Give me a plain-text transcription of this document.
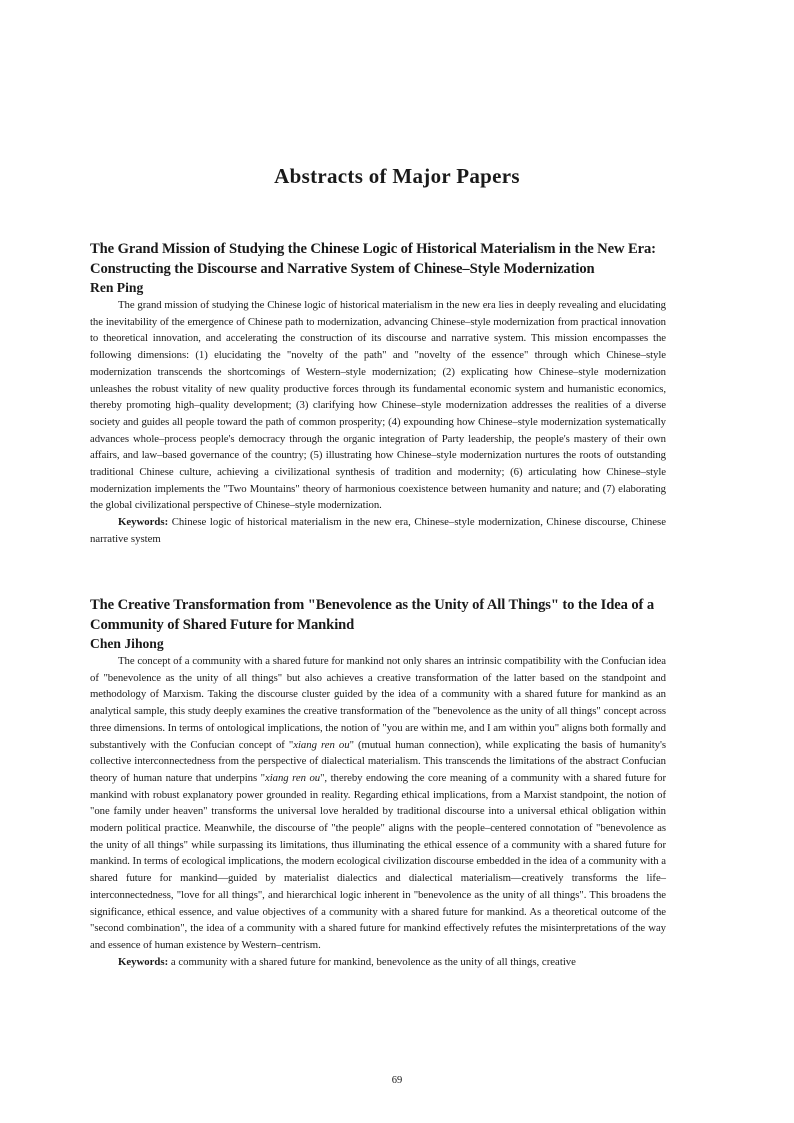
Abstracts of Major Papers

The Grand Mission of Studying the Chinese Logic of Historical Materialism in the New Era: Constructing the Discourse and Narrative System of Chinese–Style Modernization

Ren Ping

The grand mission of studying the Chinese logic of historical materialism in the new era lies in deeply revealing and elucidating the inevitability of the emergence of Chinese path to modernization, advancing Chinese–style modernization from practical innovation to theoretical innovation, and accelerating the construction of its discourse and narrative system. This mission encompasses the following dimensions: (1) elucidating the "novelty of the path" and "novelty of the essence" through which Chinese–style modernization transcends the shortcomings of Western–style modernization; (2) explicating how Chinese–style modernization unleashes the robust vitality of new quality productive forces through its fundamental economic system and humanistic economics, thereby promoting high–quality development; (3) clarifying how Chinese–style modernization addresses the realities of a diverse society and guides all people toward the path of common prosperity; (4) expounding how Chinese–style modernization systematically advances whole–process people's democracy through the organic integration of Party leadership, the people's mastery of their own affairs, and law–based governance of the country; (5) illustrating how Chinese–style modernization nurtures the roots of outstanding traditional Chinese culture, achieving a civilizational synthesis of tradition and modernity; (6) articulating how Chinese–style modernization implements the "Two Mountains" theory of harmonious coexistence between humanity and nature; and (7) elaborating the global civilizational perspective of Chinese–style modernization.

Keywords: Chinese logic of historical materialism in the new era, Chinese–style modernization, Chinese discourse, Chinese narrative system

The Creative Transformation from "Benevolence as the Unity of All Things" to the Idea of a Community of Shared Future for Mankind

Chen Jihong

The concept of a community with a shared future for mankind not only shares an intrinsic compatibility with the Confucian idea of "benevolence as the unity of all things" but also achieves a creative transformation of the latter based on the standpoint and methodology of Marxism. Taking the discourse cluster guided by the idea of a community with a shared future for mankind as an analytical sample, this study deeply examines the creative transformation of the "benevolence as the unity of all things" concept across three dimensions. In terms of ontological implications, the notion of "you are within me, and I am within you" aligns both formally and substantively with the Confucian concept of "xiang ren ou" (mutual human connection), while explicating the basis of humanity's collective interconnectedness from the perspective of dialectical materialism. This transcends the limitations of the abstract Confucian theory of human nature that underpins "xiang ren ou", thereby endowing the core meaning of a community with a shared future for mankind with robust explanatory power grounded in reality. Regarding ethical implications, from a Marxist standpoint, the notion of "one family under heaven" transforms the universal love heralded by traditional discourse into a universal ethical obligation within modern political practice. Meanwhile, the discourse of "the people" aligns with the people–centered connotation of "benevolence as the unity of all things" while surpassing its limitations, thus illuminating the ethical essence of a community with a shared future for mankind. In terms of ecological implications, the modern ecological civilization discourse embedded in the idea of a community with a shared future for mankind—guided by materialist dialectics and dialectical materialism—creatively transforms the life–interconnectedness, "love for all things", and hierarchical logic inherent in "benevolence as the unity of all things". This broadens the significance, ethical essence, and value objectives of a community with a shared future for mankind. As a theoretical outcome of the "second combination", the idea of a community with a shared future for mankind effectively refutes the misinterpretations of the way and essence of human existence by Western–centrism.

Keywords: a community with a shared future for mankind, benevolence as the unity of all things, creative

69
